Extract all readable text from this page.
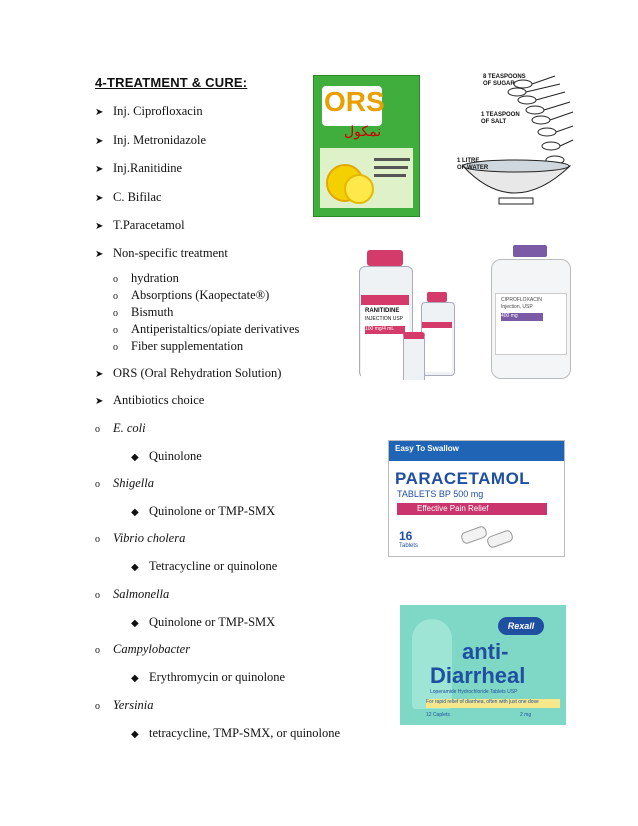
4-TREATMENT & CURE:
➤ Inj. Ciprofloxacin
➤ Inj. Metronidazole
➤ Inj.Ranitidine
➤ C. Bifilac
➤ T.Paracetamol
➤ Non-specific treatment
o hydration
o Absorptions (Kaopectate®)
o Bismuth
o Antiperistaltics/opiate derivatives
o Fiber supplementation
➤ ORS (Oral Rehydration Solution)
➤ Antibiotics choice
o E. coli
◆ Quinolone
o Shigella
◆ Quinolone or TMP-SMX
o Vibrio cholera
◆ Tetracycline or quinolone
o Salmonella
◆ Quinolone or TMP-SMX
o Campylobacter
◆ Erythromycin or quinolone
o Yersinia
◆ tetracycline, TMP-SMX, or quinolone
ORS
نمکول
8 TEASPOONS OF SUGAR
1 TEASPOON OF SALT
1 LITRE OF WATER
RANITIDINE
INJECTION USP
100 mg/4 mL
CIPROFLOXACIN
Injection, USP
400 mg
Easy To Swallow
PARACETAMOL
TABLETS BP 500 mg
Effective Pain Relief
16
Tablets
Rexall
anti-
Diarrheal
Loperamide Hydrochloride Tablets USP
For rapid relief of diarrhea, often with just one dose
12 Caplets	2 mg
